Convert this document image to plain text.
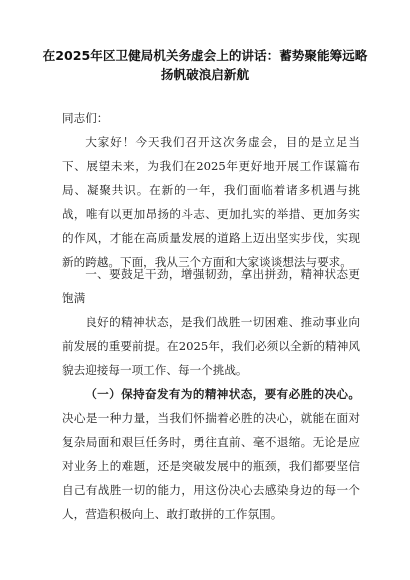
在2025年区卫健局机关务虚会上的讲话：蓄势聚能筹远略
扬帆破浪启新航
同志们：
大家好！今天我们召开这次务虚会，目的是立足当下、展望未来，为我们在2025年更好地开展工作谋篇布局、凝聚共识。在新的一年，我们面临着诸多机遇与挑战，唯有以更加昂扬的斗志、更加扎实的举措、更加务实的作风，才能在高质量发展的道路上迈出坚实步伐，实现新的跨越。下面，我从三个方面和大家谈谈想法与要求。
一、要鼓足干劲，增强韧劲，拿出拼劲，精神状态更饱满
良好的精神状态，是我们战胜一切困难、推动事业向前发展的重要前提。在2025年，我们必须以全新的精神风貌去迎接每一项工作、每一个挑战。
（一）保持奋发有为的精神状态，要有必胜的决心。决心是一种力量，当我们怀揣着必胜的决心，就能在面对复杂局面和艰巨任务时，勇往直前、毫不退缩。无论是应对业务上的难题，还是突破发展中的瓶颈，我们都要坚信自己有战胜一切的能力，用这份决心去感染身边的每一个人，营造积极向上、敢打敢拼的工作氛围。
